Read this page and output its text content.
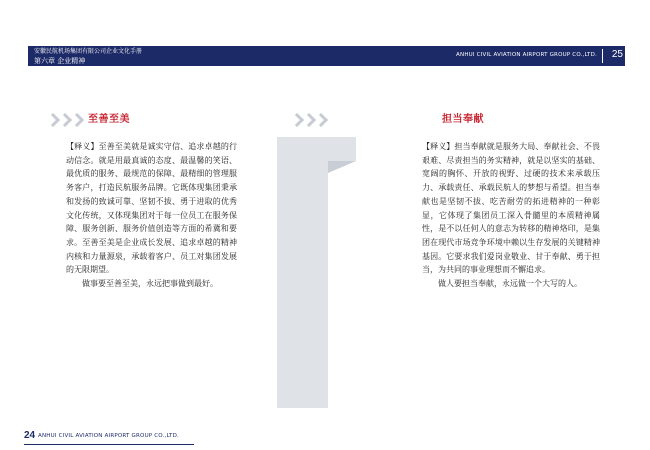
安徽民航机场集团有限公司企业文化手册
第六章 企业精神
ANHUI CIVIL AVIATION AIRPORT GROUP CO.,LTD. 25
至善至美

【释义】至善至美就是诚实守信、追求卓越的行动信念。就是用最真诚的态度、最温馨的笑语、最优质的服务、最规范的保障、最精细的管理服务客户，打造民航服务品牌。它既体现集团秉承和发扬的致诚可靠、坚韧不拔、勇于进取的优秀文化传统，又体现集团对于每一位员工在服务保障、服务创新、服务价值创造等方面的希冀和要求。至善至美是企业成长发展、追求卓越的精神内核和力量源泉，承载着客户、员工对集团发展的无限期望。

做事要至善至美，永远把事做到最好。

担当奉献

【释义】担当奉献就是服务大局、奉献社会、不畏艰难、尽责担当的务实精神，就是以坚实的基础、宽阔的胸怀、开放的视野、过硬的技术来承载压力、承载责任、承载民航人的梦想与希望。担当奉献也是坚韧不拔、吃苦耐劳的拓进精神的一种彰显，它体现了集团员工深入骨髓里的本质精神属性，是不以任何人的意志为转移的精神烙印，是集团在现代市场竞争环境中赖以生存发展的关键精神基因。它要求我们爱岗业敬业、甘于奉献、勇于担当，为共同的事业理想而不懈追求。

做人要担当奉献，永远做一个大写的人。

24 ANHUI CIVIL AVIATION AIRPORT GROUP CO.,LTD.
